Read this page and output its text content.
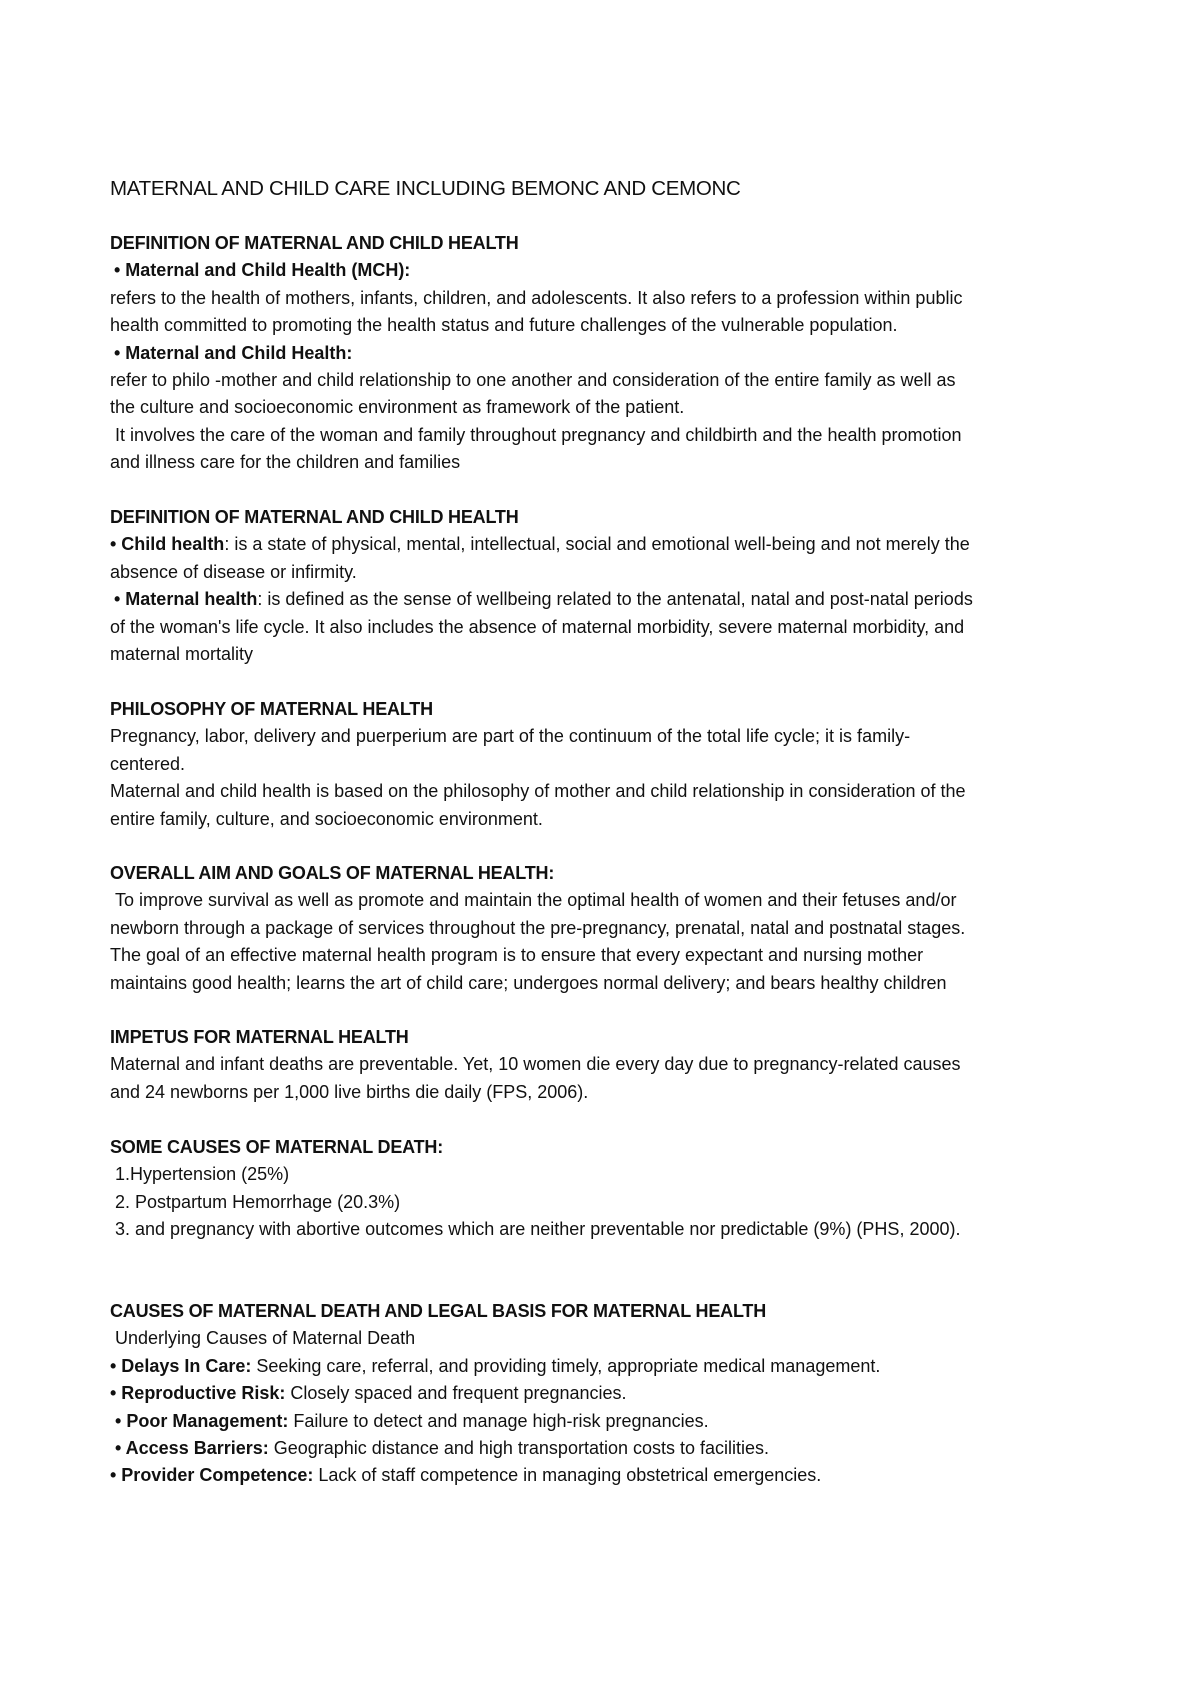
MATERNAL AND CHILD CARE INCLUDING BEMONC AND CEMONC
DEFINITION OF MATERNAL AND CHILD HEALTH

• Maternal and Child Health (MCH):

refers to the health of mothers, infants, children, and adolescents. It also refers to a profession within public

health committed to promoting the health status and future challenges of the vulnerable population.

• Maternal and Child Health:

refer to philo -mother and child relationship to one another and consideration of the entire family as well as

the culture and socioeconomic environment as framework of the patient.

It involves the care of the woman and family throughout pregnancy and childbirth and the health promotion

and illness care for the children and families

DEFINITION OF MATERNAL AND CHILD HEALTH

• Child health: is a state of physical, mental, intellectual, social and emotional well-being and not merely the

absence of disease or infirmity.

• Maternal health: is defined as the sense of wellbeing related to the antenatal, natal and post-natal periods

of the woman's life cycle. It also includes the absence of maternal morbidity, severe maternal morbidity, and

maternal mortality

PHILOSOPHY OF MATERNAL HEALTH

Pregnancy, labor, delivery and puerperium are part of the continuum of the total life cycle; it is family-

centered.

Maternal and child health is based on the philosophy of mother and child relationship in consideration of the

entire family, culture, and socioeconomic environment.

OVERALL AIM AND GOALS OF MATERNAL HEALTH:

To improve survival as well as promote and maintain the optimal health of women and their fetuses and/or

newborn through a package of services throughout the pre-pregnancy, prenatal, natal and postnatal stages.

The goal of an effective maternal health program is to ensure that every expectant and nursing mother

maintains good health; learns the art of child care; undergoes normal delivery; and bears healthy children

IMPETUS FOR MATERNAL HEALTH

Maternal and infant deaths are preventable. Yet, 10 women die every day due to pregnancy-related causes

and 24 newborns per 1,000 live births die daily (FPS, 2006).

SOME CAUSES OF MATERNAL DEATH:

1.Hypertension (25%)

2. Postpartum Hemorrhage (20.3%)

3. and pregnancy with abortive outcomes which are neither preventable nor predictable (9%) (PHS, 2000).

CAUSES OF MATERNAL DEATH AND LEGAL BASIS FOR MATERNAL HEALTH

Underlying Causes of Maternal Death

• Delays In Care: Seeking care, referral, and providing timely, appropriate medical management.

• Reproductive Risk: Closely spaced and frequent pregnancies.

• Poor Management: Failure to detect and manage high-risk pregnancies.

• Access Barriers: Geographic distance and high transportation costs to facilities.

• Provider Competence: Lack of staff competence in managing obstetrical emergencies.
